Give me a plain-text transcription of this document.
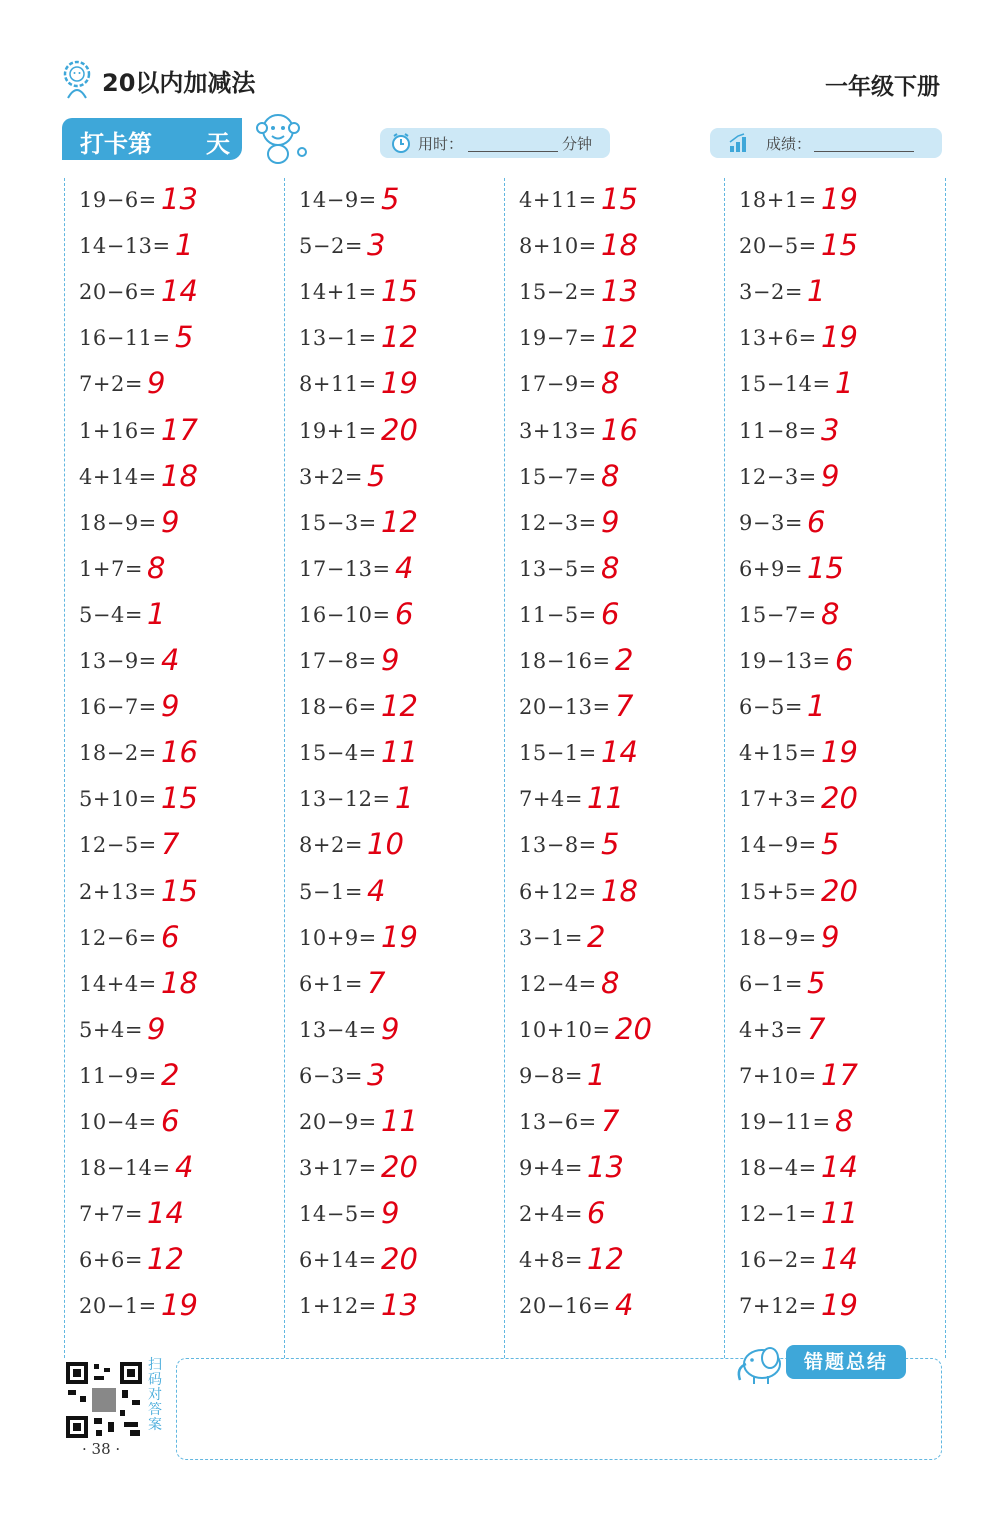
20以内加减法	一年级下册
打卡第 天	用时：	分钟	成绩：
19−6= 13
14−13= 1
20−6= 14
16−11= 5
7+2= 9
1+16= 17
4+14= 18
18−9= 9
1+7= 8
5−4= 1
13−9= 4
16−7= 9
18−2= 16
5+10= 15
12−5= 7
2+13= 15
12−6= 6
14+4= 18
5+4= 9
11−9= 2
10−4= 6
18−14= 4
7+7= 14
6+6= 12
20−1= 19
14−9= 5
5−2= 3
14+1= 15
13−1= 12
8+11= 19
19+1= 20
3+2= 5
15−3= 12
17−13= 4
16−10= 6
17−8= 9
18−6= 12
15−4= 11
13−12= 1
8+2= 10
5−1= 4
10+9= 19
6+1= 7
13−4= 9
6−3= 3
20−9= 11
3+17= 20
14−5= 9
6+14= 20
1+12= 13
4+11= 15
8+10= 18
15−2= 13
19−7= 12
17−9= 8
3+13= 16
15−7= 8
12−3= 9
13−5= 8
11−5= 6
18−16= 2
20−13= 7
15−1= 14
7+4= 11
13−8= 5
6+12= 18
3−1= 2
12−4= 8
10+10= 20
9−8= 1
13−6= 7
9+4= 13
2+4= 6
4+8= 12
20−16= 4
18+1= 19
20−5= 15
3−2= 1
13+6= 19
15−14= 1
11−8= 3
12−3= 9
9−3= 6
6+9= 15
15−7= 8
19−13= 6
6−5= 1
4+15= 19
17+3= 20
14−9= 5
15+5= 20
18−9= 9
6−1= 5
4+3= 7
7+10= 17
19−11= 8
18−4= 14
12−1= 11
16−2= 14
7+12= 19
扫码对答案
· 38 ·
错题总结
